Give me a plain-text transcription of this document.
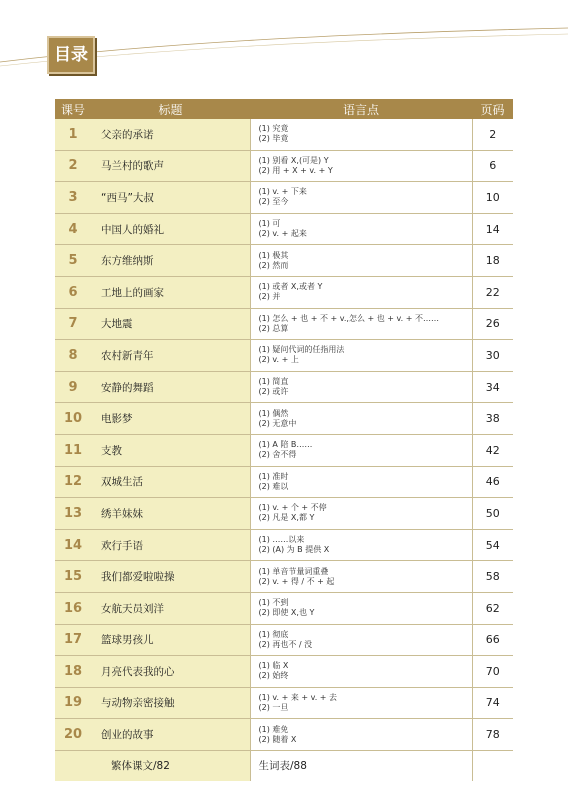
目录
课号	标题	语言点	页码
1	父亲的承诺	(1) 究竟
(2) 毕竟	2
2	马兰村的歌声	(1) 别看 X,(可是) Y
(2) 用 + X + v. + Y	6
3	“西马”大叔	(1) v. + 下来
(2) 至今	10
4	中国人的婚礼	(1) 可
(2) v. + 起来	14
5	东方维纳斯	(1) 极其
(2) 然而	18
6	工地上的画家	(1) 或者 X,或者 Y
(2) 并	22
7	大地震	(1) 怎么 + 也 + 不 + v.,怎么 + 也 + v. + 不……
(2) 总算	26
8	农村新青年	(1) 疑问代词的任指用法
(2) v. + 上	30
9	安静的舞蹈	(1) 简直
(2) 或许	34
10	电影梦	(1) 偶然
(2) 无意中	38
11	支教	(1) A 陪 B……
(2) 舍不得	42
12	双城生活	(1) 准时
(2) 难以	46
13	绣羊妹妹	(1) v. + 个 + 不停
(2) 凡是 X,都 Y	50
14	欢行手语	(1) ……以来
(2) (A) 为 B 提供 X	54
15	我们都爱啦啦操	(1) 单音节量词重叠
(2) v. + 得 / 不 + 起	58
16	女航天员刘洋	(1) 不到
(2) 即使 X,也 Y	62
17	篮球男孩儿	(1) 彻底
(2) 再也不 / 没	66
18	月亮代表我的心	(1) 临 X
(2) 始终	70
19	与动物亲密接触	(1) v. + 来 + v. + 去
(2) 一旦	74
20	创业的故事	(1) 难免
(2) 随着 X	78
	繁体课文/82	生词表/88	
